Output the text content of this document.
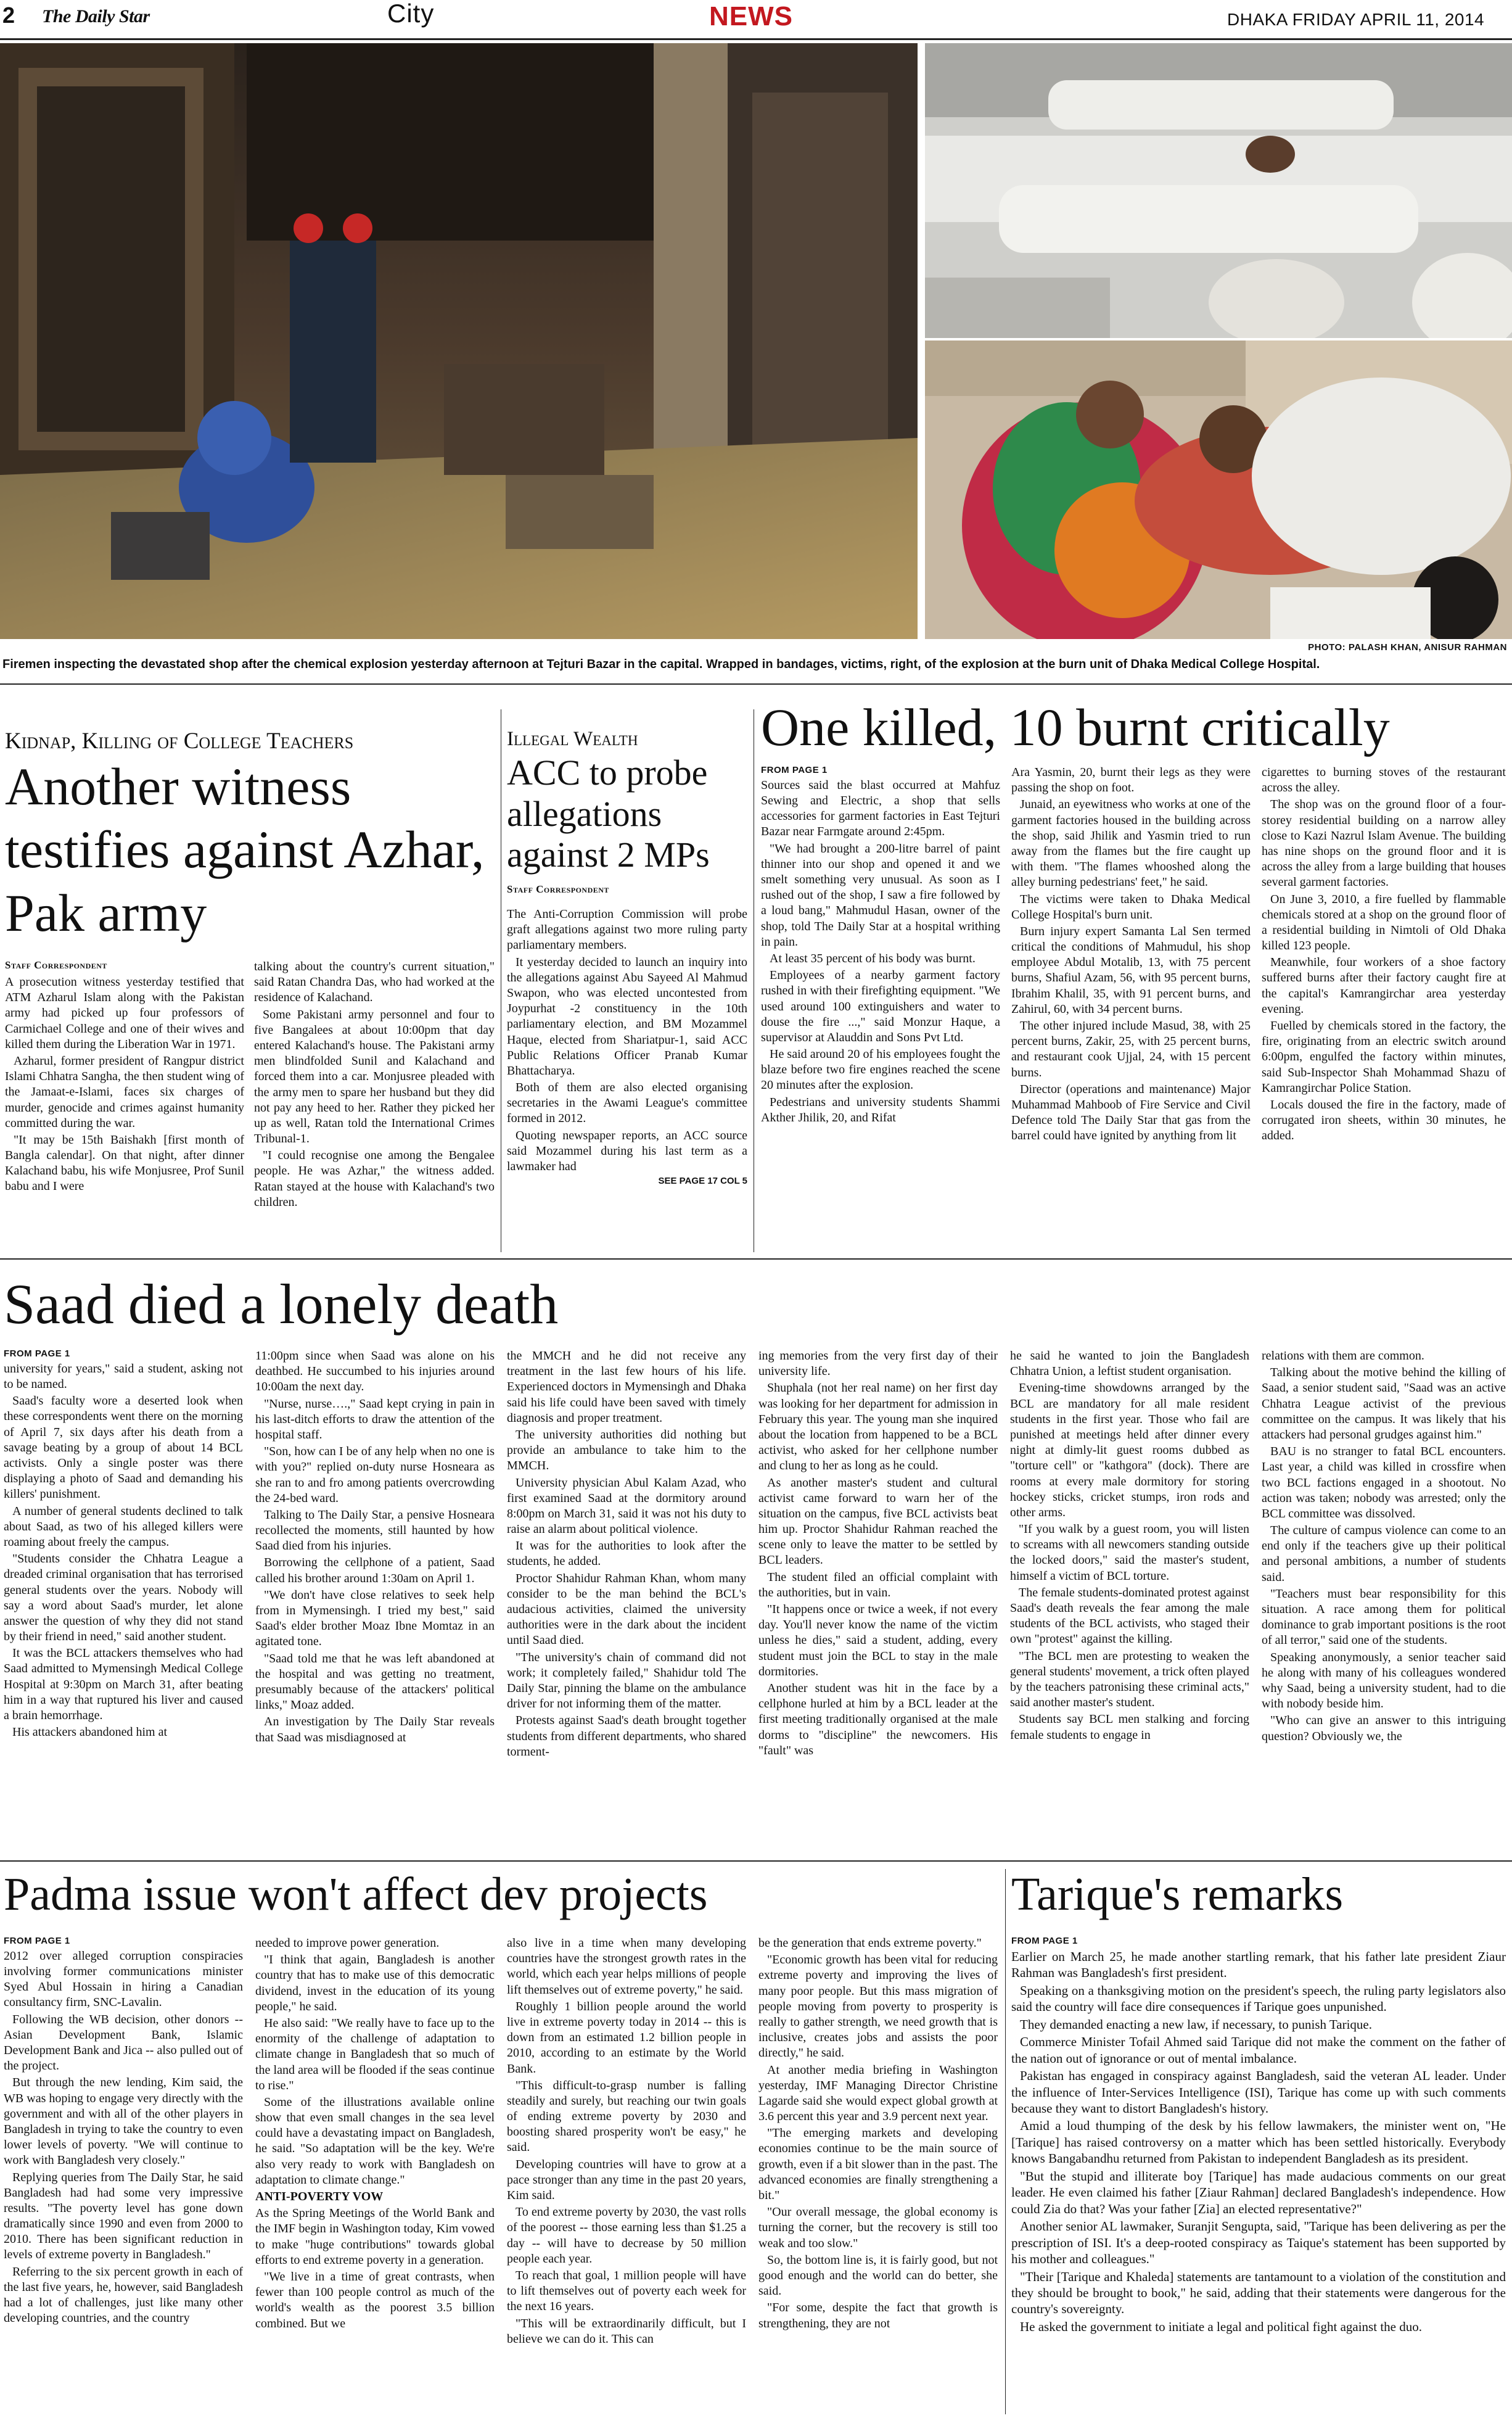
2 The Daily Star	City	NEWS	DHAKA FRIDAY APRIL 11, 2014
PHOTO: PALASH KHAN, ANISUR RAHMAN
Firemen inspecting the devastated shop after the chemical explosion yesterday afternoon at Tejturi Bazar in the capital. Wrapped in bandages, victims, right, of the explosion at the burn unit of Dhaka Medical College Hospital.
Kidnap, Killing of College Teachers
Another witness testifies against Azhar, Pak army
Staff Correspondent

A prosecution witness yesterday testified that ATM Azharul Islam along with the Pakistan army had picked up four professors of Carmichael College and one of their wives and killed them during the Liberation War in 1971.

Azharul, former president of Rangpur district Islami Chhatra Sangha, the then student wing of the Jamaat-e-Islami, faces six charges of murder, genocide and crimes against humanity committed during the war.

"It may be 15th Baishakh [first month of Bangla calendar]. On that night, after dinner Kalachand babu, his wife Monjusree, Prof Sunil babu and I were

talking about the country's current situation," said Ratan Chandra Das, who had worked at the residence of Kalachand.

Some Pakistani army personnel and four to five Bangalees at about 10:00pm that day entered Kalachand's house. The Pakistani army men blindfolded Sunil and Kalachand and forced them into a car. Monjusree pleaded with the army men to spare her husband but they did not pay any heed to her. Rather they picked her up as well, Ratan told the International Crimes Tribunal-1.

"I could recognise one among the Bengalee people. He was Azhar," the witness added. Ratan stayed at the house with Kalachand's two children.

Illegal Wealth
ACC to probe allegations against 2 MPs
Staff Correspondent

The Anti-Corruption Commission will probe graft allegations against two more ruling party parliamentary members.

It yesterday decided to launch an inquiry into the allegations against Abu Sayeed Al Mahmud Swapon, who was elected uncontested from Joypurhat -2 constituency in the 10th parliamentary election, and BM Mozammel Haque, elected from Shariatpur-1, said ACC Public Relations Officer Pranab Kumar Bhattacharya.

Both of them are also elected organising secretaries in the Awami League's committee formed in 2012.

Quoting newspaper reports, an ACC source said Mozammel during his last term as a lawmaker had

SEE PAGE 17 COL 5
One killed, 10 burnt critically
FROM PAGE 1

Sources said the blast occurred at Mahfuz Sewing and Electric, a shop that sells accessories for garment factories in East Tejturi Bazar near Farmgate around 2:45pm.

"We had brought a 200-litre barrel of paint thinner into our shop and opened it and we smelt something very unusual. As soon as I rushed out of the shop, I saw a fire followed by a loud bang," Mahmudul Hasan, owner of the shop, told The Daily Star at a hospital writhing in pain.

At least 35 percent of his body was burnt.

Employees of a nearby garment factory rushed in with their firefighting equipment. "We used around 100 extinguishers and water to douse the fire ...," said Monzur Haque, a supervisor at Alauddin and Sons Pvt Ltd.

He said around 20 of his employees fought the blaze before two fire engines reached the scene 20 minutes after the explosion.

Pedestrians and university students Shammi Akther Jhilik, 20, and Rifat

Ara Yasmin, 20, burnt their legs as they were passing the shop on foot.

Junaid, an eyewitness who works at one of the garment factories housed in the building across the shop, said Jhilik and Yasmin tried to run away from the flames but the fire caught up with them. "The flames whooshed along the alley burning pedestrians' feet," he said.

The victims were taken to Dhaka Medical College Hospital's burn unit.

Burn injury expert Samanta Lal Sen termed critical the conditions of Mahmudul, his shop employee Abdul Motalib, 13, with 75 percent burns, Shafiul Azam, 56, with 95 percent burns, Ibrahim Khalil, 35, with 91 percent burns, and Zahirul, 60, with 34 percent burns.

The other injured include Masud, 38, with 25 percent burns, Zakir, 25, with 25 percent burns, and restaurant cook Ujjal, 24, with 15 percent burns.

Director (operations and maintenance) Major Muhammad Mahboob of Fire Service and Civil Defence told The Daily Star that gas from the barrel could have ignited by anything from lit

cigarettes to burning stoves of the restaurant across the alley.

The shop was on the ground floor of a four-storey residential building on a narrow alley close to Kazi Nazrul Islam Avenue. The building has nine shops on the ground floor and it is across the alley from a large building that houses several garment factories.

On June 3, 2010, a fire fuelled by flammable chemicals stored at a shop on the ground floor of a residential building in Nimtoli of Old Dhaka killed 123 people.

Meanwhile, four workers of a shoe factory suffered burns after their factory caught fire at the capital's Kamrangirchar area yesterday evening.

Fuelled by chemicals stored in the factory, the fire, originating from an electric switch around 6:00pm, engulfed the factory within minutes, said Sub-Inspector Shah Mohammad Shazu of Kamrangirchar Police Station.

Locals doused the fire in the factory, made of corrugated iron sheets, within 30 minutes, he added.

Saad died a lonely death
FROM PAGE 1

university for years," said a student, asking not to be named.

Saad's faculty wore a deserted look when these correspondents went there on the morning of April 7, six days after his death from a savage beating by a group of about 14 BCL activists. Only a single poster was there displaying a photo of Saad and demanding his killers' punishment.

A number of general students declined to talk about Saad, as two of his alleged killers were roaming about freely the campus.

"Students consider the Chhatra League a dreaded criminal organisation that has terrorised general students over the years. Nobody will say a word about Saad's murder, let alone answer the question of why they did not stand by their friend in need," said another student.

It was the BCL attackers themselves who had Saad admitted to Mymensingh Medical College Hospital at 9:30pm on March 31, after beating him in a way that ruptured his liver and caused a brain hemorrhage.

His attackers abandoned him at

11:00pm since when Saad was alone on his deathbed. He succumbed to his injuries around 10:00am the next day.

"Nurse, nurse….," Saad kept crying in pain in his last-ditch efforts to draw the attention of the hospital staff.

"Son, how can I be of any help when no one is with you?" replied on-duty nurse Hosneara as she ran to and fro among patients overcrowding the 24-bed ward.

Talking to The Daily Star, a pensive Hosneara recollected the moments, still haunted by how Saad died from his injuries.

Borrowing the cellphone of a patient, Saad called his brother around 1:30am on April 1.

"We don't have close relatives to seek help from in Mymensingh. I tried my best," said Saad's elder brother Moaz Ibne Momtaz in an agitated tone.

"Saad told me that he was left abandoned at the hospital and was getting no treatment, presumably because of the attackers' political links," Moaz added.

An investigation by The Daily Star reveals that Saad was misdiagnosed at

the MMCH and he did not receive any treatment in the last few hours of his life. Experienced doctors in Mymensingh and Dhaka said his life could have been saved with timely diagnosis and proper treatment.

The university authorities did nothing but provide an ambulance to take him to the MMCH.

University physician Abul Kalam Azad, who first examined Saad at the dormitory around 8:00pm on March 31, said it was not his duty to raise an alarm about political violence.

It was for the authorities to look after the students, he added.

Proctor Shahidur Rahman Khan, whom many consider to be the man behind the BCL's audacious activities, claimed the university authorities were in the dark about the incident until Saad died.

"The university's chain of command did not work; it completely failed," Shahidur told The Daily Star, pinning the blame on the ambulance driver for not informing them of the matter.

Protests against Saad's death brought together students from different departments, who shared torment-

ing memories from the very first day of their university life.

Shuphala (not her real name) on her first day was looking for her department for admission in February this year. The young man she inquired about the location from happened to be a BCL activist, who asked for her cellphone number and clung to her as long as he could.

As another master's student and cultural activist came forward to warn her of the situation on the campus, five BCL activists beat him up. Proctor Shahidur Rahman reached the scene only to leave the matter to be settled by BCL leaders.

The student filed an official complaint with the authorities, but in vain.

"It happens once or twice a week, if not every day. You'll never know the name of the victim unless he dies," said a student, adding, every student must join the BCL to stay in the male dormitories.

Another student was hit in the face by a cellphone hurled at him by a BCL leader at the first meeting traditionally organised at the male dorms to "discipline" the newcomers. His "fault" was

he said he wanted to join the Bangladesh Chhatra Union, a leftist student organisation.

Evening-time showdowns arranged by the BCL are mandatory for all male resident students in the first year. Those who fail are punished at meetings held after dinner every night at dimly-lit guest rooms dubbed as "torture cell" or "kathgora" (dock). There are rooms at every male dormitory for storing hockey sticks, cricket stumps, iron rods and other arms.

"If you walk by a guest room, you will listen to screams with all newcomers standing outside the locked doors," said the master's student, himself a victim of BCL torture.

The female students-dominated protest against Saad's death reveals the fear among the male students of the BCL activists, who staged their own "protest" against the killing.

"The BCL men are protesting to weaken the general students' movement, a trick often played by the teachers patronising these criminal acts," said another master's student.

Students say BCL men stalking and forcing female students to engage in

relations with them are common.

Talking about the motive behind the killing of Saad, a senior student said, "Saad was an active Chhatra League activist of the previous committee on the campus. It was likely that his attackers had personal grudges against him."

BAU is no stranger to fatal BCL encounters. Last year, a child was killed in crossfire when two BCL factions engaged in a shootout. No action was taken; nobody was arrested; only the BCL committee was dissolved.

The culture of campus violence can come to an end only if the teachers give up their political and personal ambitions, a number of students said.

"Teachers must bear responsibility for this situation. A race among them for political dominance to grab important positions is the root of all terror," said one of the students.

Speaking anonymously, a senior teacher said he along with many of his colleagues wondered why Saad, being a university student, had to die with nobody beside him.

"Who can give an answer to this intriguing question? Obviously we, the

Padma issue won't affect dev projects
FROM PAGE 1

2012 over alleged corruption conspiracies involving former communications minister Syed Abul Hossain in hiring a Canadian consultancy firm, SNC-Lavalin.

Following the WB decision, other donors -- Asian Development Bank, Islamic Development Bank and Jica -- also pulled out of the project.

But through the new lending, Kim said, the WB was hoping to engage very directly with the government and with all of the other players in Bangladesh in trying to take the country to even lower levels of poverty. "We will continue to work with Bangladesh very closely."

Replying queries from The Daily Star, he said Bangladesh had had some very impressive results. "The poverty level has gone down dramatically since 1990 and even from 2000 to 2010. There has been significant reduction in levels of extreme poverty in Bangladesh."

Referring to the six percent growth in each of the last five years, he, however, said Bangladesh had a lot of challenges, just like many other developing countries, and the country

needed to improve power generation.

"I think that again, Bangladesh is another country that has to make use of this democratic dividend, invest in the education of its young people," he said.

He also said: "We really have to face up to the enormity of the challenge of adaptation to climate change in Bangladesh that so much of the land area will be flooded if the seas continue to rise."

Some of the illustrations available online show that even small changes in the sea level could have a devastating impact on Bangladesh, he said. "So adaptation will be the key. We're also very ready to work with Bangladesh on adaptation to climate change."

ANTI-POVERTY VOW

As the Spring Meetings of the World Bank and the IMF begin in Washington today, Kim vowed to make "huge contributions" towards global efforts to end extreme poverty in a generation.

"We live in a time of great contrasts, when fewer than 100 people control as much of the world's wealth as the poorest 3.5 billion combined. But we

also live in a time when many developing countries have the strongest growth rates in the world, which each year helps millions of people lift themselves out of extreme poverty," he said.

Roughly 1 billion people around the world live in extreme poverty today in 2014 -- this is down from an estimated 1.2 billion people in 2010, according to an estimate by the World Bank.

"This difficult-to-grasp number is falling steadily and surely, but reaching our twin goals of ending extreme poverty by 2030 and boosting shared prosperity won't be easy," he said.

Developing countries will have to grow at a pace stronger than any time in the past 20 years, Kim said.

To end extreme poverty by 2030, the vast rolls of the poorest -- those earning less than $1.25 a day -- will have to decrease by 50 million people each year.

To reach that goal, 1 million people will have to lift themselves out of poverty each week for the next 16 years.

"This will be extraordinarily difficult, but I believe we can do it. This can

be the generation that ends extreme poverty."

"Economic growth has been vital for reducing extreme poverty and improving the lives of many poor people. But this mass migration of people moving from poverty to prosperity is really to gather strength, we need growth that is inclusive, creates jobs and assists the poor directly," he said.

At another media briefing in Washington yesterday, IMF Managing Director Christine Lagarde said she would expect global growth at 3.6 percent this year and 3.9 percent next year.

"The emerging markets and developing economies continue to be the main source of growth, even if a bit slower than in the past. The advanced economies are finally strengthening a bit."

"Our overall message, the global economy is turning the corner, but the recovery is still too weak and too slow."

So, the bottom line is, it is fairly good, but not good enough and the world can do better, she said.

"For some, despite the fact that growth is strengthening, they are not

Tarique's remarks
FROM PAGE 1

Earlier on March 25, he made another startling remark, that his father late president Ziaur Rahman was Bangladesh's first president.

Speaking on a thanksgiving motion on the president's speech, the ruling party legislators also said the country will face dire consequences if Tarique goes unpunished.

They demanded enacting a new law, if necessary, to punish Tarique.

Commerce Minister Tofail Ahmed said Tarique did not make the comment on the father of the nation out of ignorance or out of mental imbalance.

Pakistan has engaged in conspiracy against Bangladesh, said the veteran AL leader. Under the influence of Inter-Services Intelligence (ISI), Tarique has come up with such comments because they want to distort Bangladesh's history.

Amid a loud thumping of the desk by his fellow lawmakers, the minister went on, "He [Tarique] has raised controversy on a matter which has been settled historically. Everybody knows Bangabandhu returned from Pakistan to independent Bangladesh as its president.

"But the stupid and illiterate boy [Tarique] has made audacious comments on our great leader. He even claimed his father [Ziaur Rahman] declared Bangladesh's independence. How could Zia do that? Was your father [Zia] an elected representative?"

Another senior AL lawmaker, Suranjit Sengupta, said, "Tarique has been delivering as per the prescription of ISI. It's a deep-rooted conspiracy as Taique's statement has been supported by his mother and colleagues."

"Their [Tarique and Khaleda] statements are tantamount to a violation of the constitution and they should be brought to book," he said, adding that their statements were dangerous for the country's sovereignty.

He asked the government to initiate a legal and political fight against the duo.
